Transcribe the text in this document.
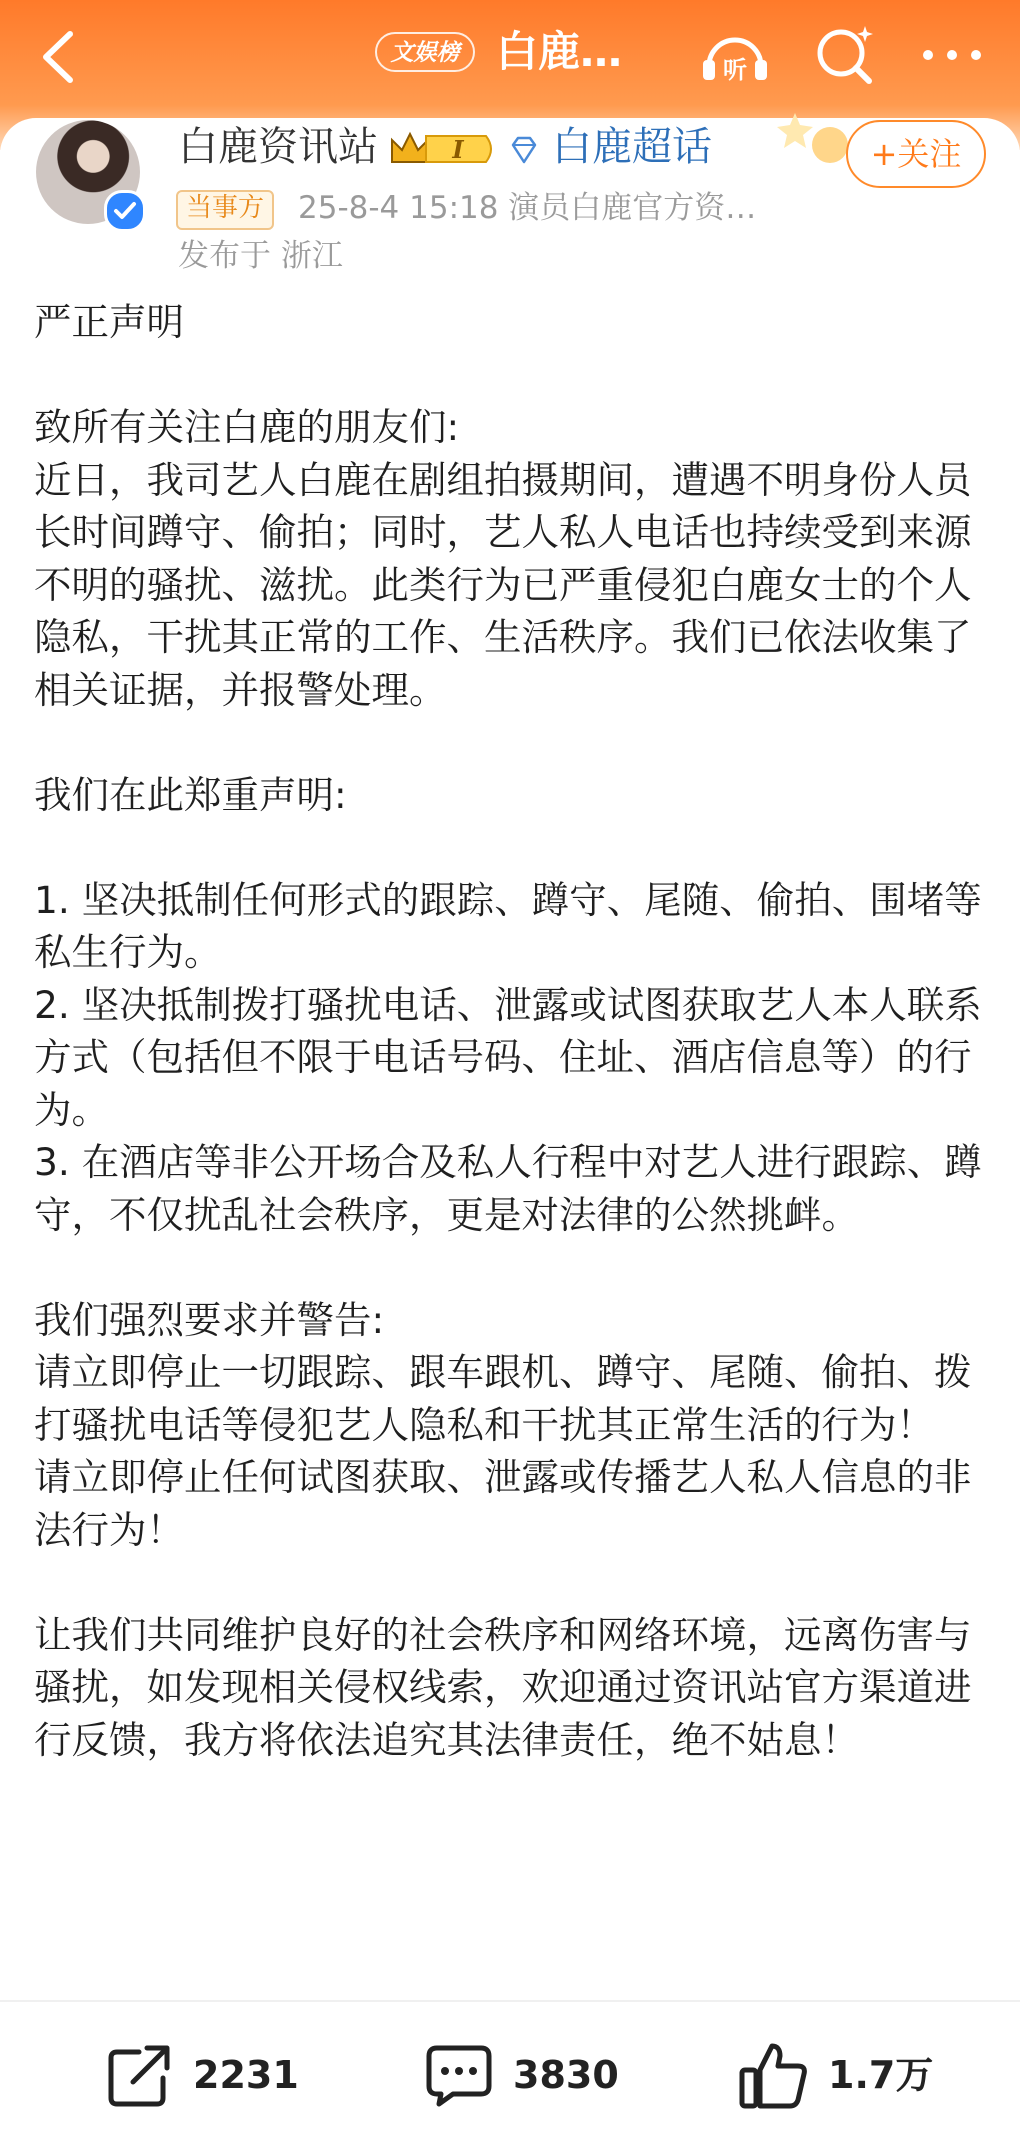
文娱榜 白鹿…	听
白鹿资讯站	I 白鹿超话	+关注
当事方	25-8-4 15:18 演员白鹿官方资…
发布于 浙江

严正声明

致所有关注白鹿的朋友们:

近日，我司艺人白鹿在剧组拍摄期间，遭遇不明身份人员长时间蹲守、偷拍；同时，艺人私人电话也持续受到来源不明的骚扰、滋扰。此类行为已严重侵犯白鹿女士的个人隐私，干扰其正常的工作、生活秩序。我们已依法收集了相关证据，并报警处理。

我们在此郑重声明:

1. 坚决抵制任何形式的跟踪、蹲守、尾随、偷拍、围堵等私生行为。

2. 坚决抵制拨打骚扰电话、泄露或试图获取艺人本人联系方式（包括但不限于电话号码、住址、酒店信息等）的行为。

3. 在酒店等非公开场合及私人行程中对艺人进行跟踪、蹲守，不仅扰乱社会秩序，更是对法律的公然挑衅。

我们强烈要求并警告:

请立即停止一切跟踪、跟车跟机、蹲守、尾随、偷拍、拨打骚扰电话等侵犯艺人隐私和干扰其正常生活的行为！

请立即停止任何试图获取、泄露或传播艺人私人信息的非法行为！

让我们共同维护良好的社会秩序和网络环境，远离伤害与骚扰，如发现相关侵权线索，欢迎通过资讯站官方渠道进行反馈，我方将依法追究其法律责任，绝不姑息！

2231	3830	1.7万
